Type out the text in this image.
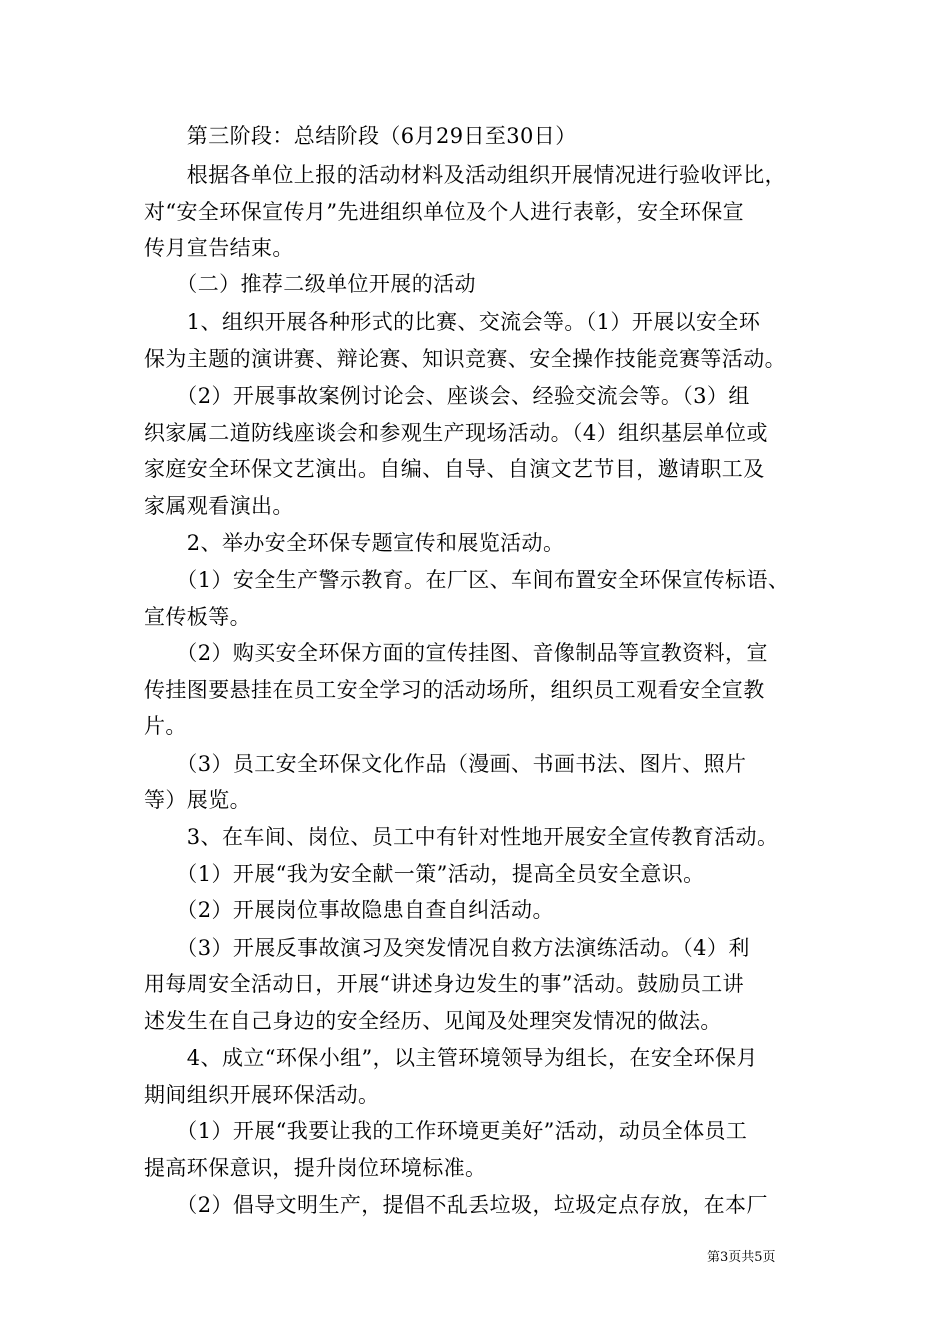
　　第三阶段：总结阶段（6月29日至30日）
　　根据各单位上报的活动材料及活动组织开展情况进行验收评比，
对“安全环保宣传月”先进组织单位及个人进行表彰，安全环保宣
传月宣告结束。
　　（二）推荐二级单位开展的活动
　　1、组织开展各种形式的比赛、交流会等。（1）开展以安全环
保为主题的演讲赛、辩论赛、知识竞赛、安全操作技能竞赛等活动。
　　（2）开展事故案例讨论会、座谈会、经验交流会等。（3）组
织家属二道防线座谈会和参观生产现场活动。（4）组织基层单位或
家庭安全环保文艺演出。自编、自导、自演文艺节目，邀请职工及
家属观看演出。
　　2、举办安全环保专题宣传和展览活动。
　　（1）安全生产警示教育。在厂区、车间布置安全环保宣传标语、
宣传板等。
　　（2）购买安全环保方面的宣传挂图、音像制品等宣教资料，宣
传挂图要悬挂在员工安全学习的活动场所，组织员工观看安全宣教
片。
　　（3）员工安全环保文化作品（漫画、书画书法、图片、照片
等）展览。
　　3、在车间、岗位、员工中有针对性地开展安全宣传教育活动。
　　（1）开展“我为安全献一策”活动，提高全员安全意识。
　　（2）开展岗位事故隐患自查自纠活动。
　　（3）开展反事故演习及突发情况自救方法演练活动。（4）利
用每周安全活动日，开展“讲述身边发生的事”活动。鼓励员工讲
述发生在自己身边的安全经历、见闻及处理突发情况的做法。
　　4、成立“环保小组”，以主管环境领导为组长，在安全环保月
期间组织开展环保活动。
　　（1）开展“我要让我的工作环境更美好”活动，动员全体员工
提高环保意识，提升岗位环境标准。
　　（2）倡导文明生产，提倡不乱丢垃圾，垃圾定点存放，在本厂
第3页共5页
